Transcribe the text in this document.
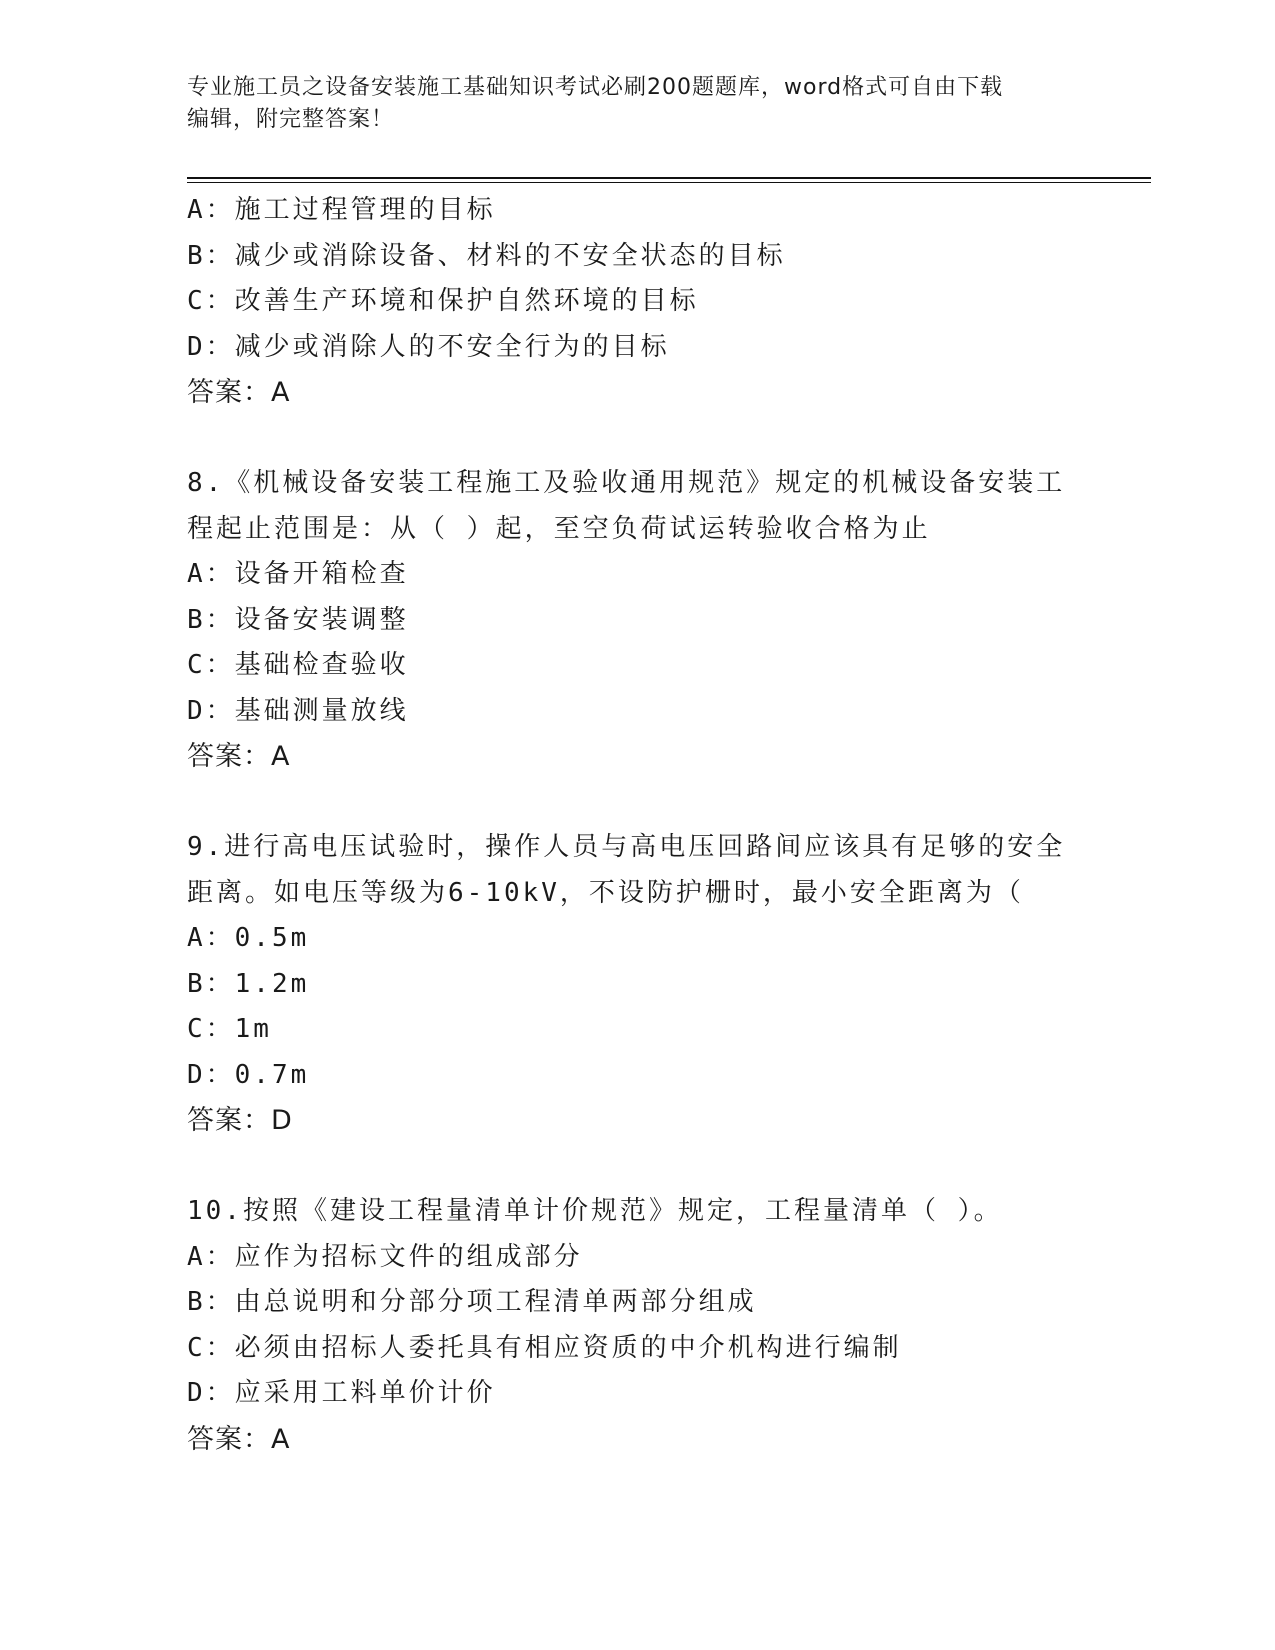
专业施工员之设备安装施工基础知识考试必刷200题题库，word格式可自由下载
编辑，附完整答案！
A：施工过程管理的目标
B：减少或消除设备、材料的不安全状态的目标
C：改善生产环境和保护自然环境的目标
D：减少或消除人的不安全行为的目标
答案：A
8.《机械设备安装工程施工及验收通用规范》规定的机械设备安装工
程起止范围是：从（ ）起，至空负荷试运转验收合格为止
A：设备开箱检查
B：设备安装调整
C：基础检查验收
D：基础测量放线
答案：A
9.进行高电压试验时，操作人员与高电压回路间应该具有足够的安全
距离。如电压等级为6-10kV，不设防护栅时，最小安全距离为（
A：0.5m
B：1.2m
C：1m
D：0.7m
答案：D
10.按照《建设工程量清单计价规范》规定，工程量清单（ ）。
A：应作为招标文件的组成部分
B：由总说明和分部分项工程清单两部分组成
C：必须由招标人委托具有相应资质的中介机构进行编制
D：应采用工料单价计价
答案：A
